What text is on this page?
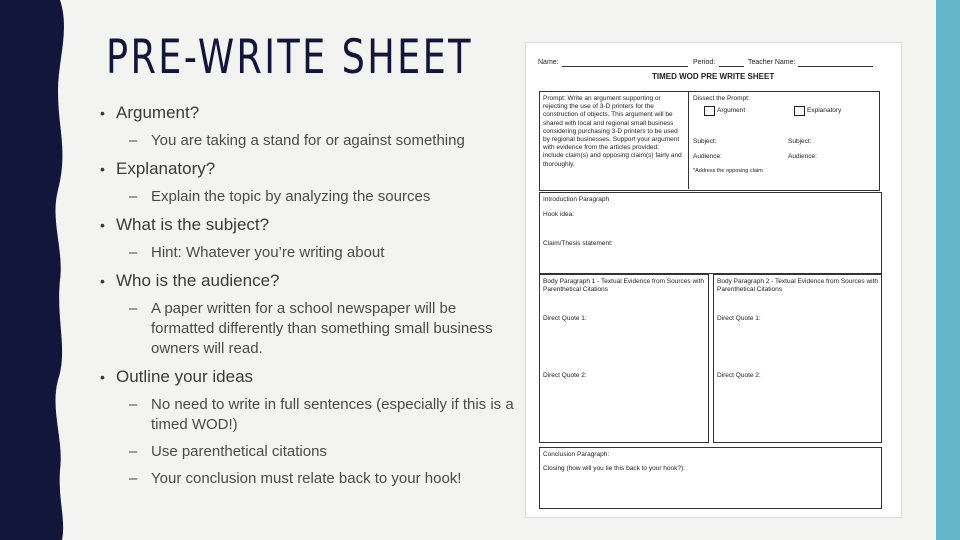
PRE-WRITE SHEET
• Argument?
– You are taking a stand for or against something
• Explanatory?
– Explain the topic by analyzing the sources
• What is the subject?
– Hint: Whatever you’re writing about
• Who is the audience?
– A paper written for a school newspaper will be formatted differently than something small business owners will read.
• Outline your ideas
– No need to write in full sentences (especially if this is a timed WOD!)
– Use parenthetical citations
– Your conclusion must relate back to your hook!
Name:	Period:	Teacher Name:
TIMED WOD PRE WRITE SHEET
Prompt: Write an argument supporting or
rejecting the use of 3-D printers for the
construction of objects. This argument will be
shared with local and regional small business
considering purchasing 3-D printers to be used
by regional businesses. Support your argument
with evidence from the articles provided;
include claim(s) and opposing claim(s) fairly and
thoroughly.
Dissect the Prompt:
Argument	Explanatory
Subject:	Subject:
Audience:	Audience:
*Address the opposing claim
Introduction Paragraph
Hook idea:
Claim/Thesis statement:
Body Paragraph 1 - Textual Evidence from Sources with
Parenthetical Citations
Body Paragraph 2 - Textual Evidence from Sources with
Parenthetical Citations
Direct Quote 1:	Direct Quote 1:
Direct Quote 2:	Direct Quote 2:
Conclusion Paragraph:
Closing (how will you tie this back to your hook?):
